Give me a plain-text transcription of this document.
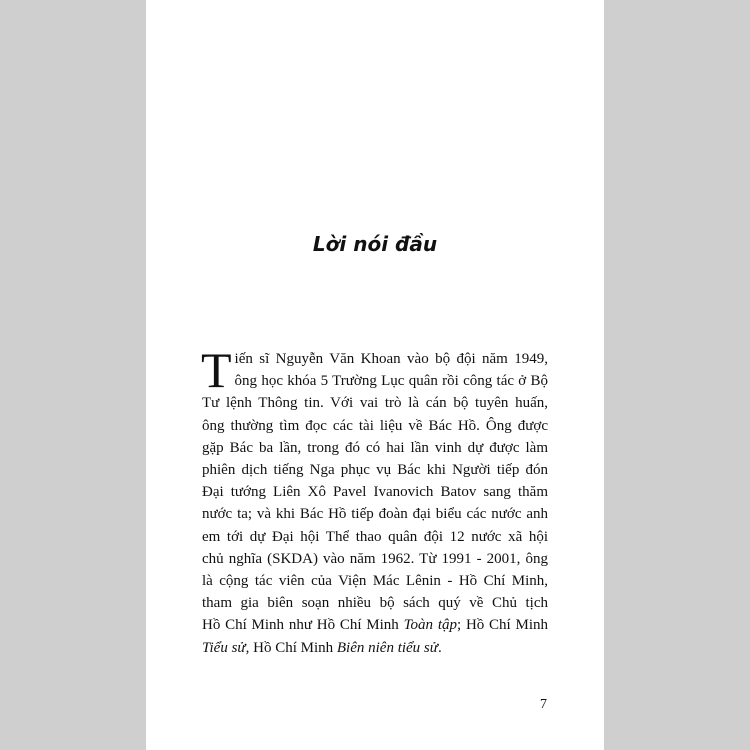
Lời nói đầu
T iến sĩ Nguyễn Văn Khoan vào bộ đội năm 1949,
ông học khóa 5 Trường Lục quân rồi công tác ở Bộ
Tư lệnh Thông tin. Với vai trò là cán bộ tuyên huấn,
ông thường tìm đọc các tài liệu về Bác Hồ. Ông được
gặp Bác ba lần, trong đó có hai lần vinh dự được làm
phiên dịch tiếng Nga phục vụ Bác khi Người tiếp đón
Đại tướng Liên Xô Pavel Ivanovich Batov sang thăm
nước ta; và khi Bác Hồ tiếp đoàn đại biểu các nước anh
em tới dự Đại hội Thể thao quân đội 12 nước xã hội
chủ nghĩa (SKDA) vào năm 1962. Từ 1991 - 2001, ông
là cộng tác viên của Viện Mác Lênin - Hồ Chí Minh,
tham gia biên soạn nhiều bộ sách quý về Chủ tịch
Hồ Chí Minh như Hồ Chí Minh Toàn tập; Hồ Chí Minh
Tiểu sử, Hồ Chí Minh Biên niên tiểu sử.
7
